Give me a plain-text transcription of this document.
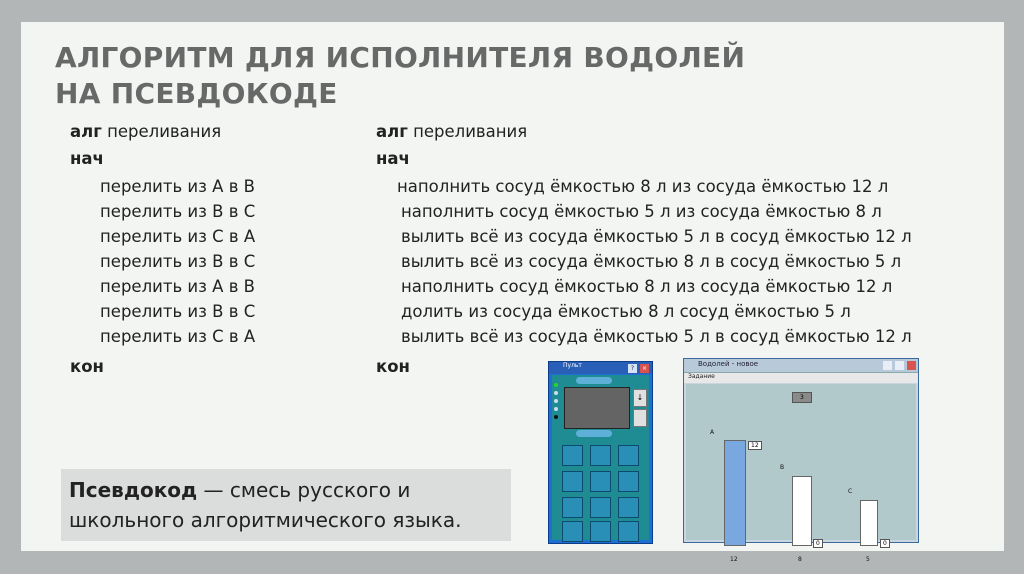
АЛГОРИТМ ДЛЯ ИСПОЛНИТЕЛЯ ВОДОЛЕЙ
НА ПСЕВДОКОДЕ
алг переливания
нач
перелить из A в B
перелить из B в C
перелить из C в A
перелить из B в C
перелить из A в B
перелить из B в C
перелить из C в A
кон
алг переливания
нач
наполнить сосуд ёмкостью 8 л из сосуда ёмкостью 12 л
наполнить сосуд ёмкостью 5 л из сосуда ёмкостью 8 л
вылить всё из сосуда ёмкостью 5 л в сосуд ёмкостью 12 л
вылить всё из сосуда ёмкостью 8 л в сосуд ёмкостью 5 л
наполнить сосуд ёмкостью 8 л из сосуда ёмкостью 12 л
долить из сосуда ёмкостью 8 л сосуд ёмкостью 5 л
вылить всё из сосуда ёмкостью 5 л в сосуд ёмкостью 12 л
кон
Псевдокод — смесь русского и
школьного алгоритмического языка.
Пульт	?	×
↓
Водолей - новое
Задание
3
A
12
12
B
0
8
C
0
5
